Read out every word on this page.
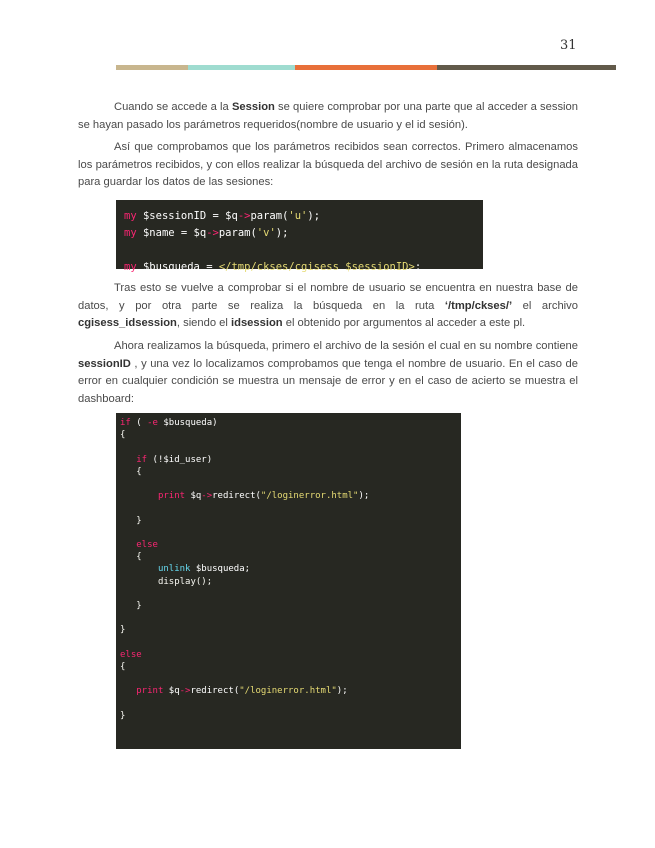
31

Cuando se accede a la Session se quiere comprobar por una parte que al acceder a session se hayan pasado los parámetros requeridos(nombre de usuario y el id sesión).

Así que comprobamos que los parámetros recibidos sean correctos. Primero almacenamos los parámetros recibidos, y con ellos realizar la búsqueda del archivo de sesión en la ruta designada para guardar los datos de las sesiones:

my $sessionID = $q->param('u');
my $name = $q->param('v');

my $busqueda = </tmp/ckses/cgisess $sessionID>;

Tras esto se vuelve a comprobar si el nombre de usuario se encuentra en nuestra base de datos, y por otra parte se realiza la búsqueda en la ruta ‘/tmp/ckses/’ el archivo cgisess_idsession, siendo el idsession el obtenido por argumentos al acceder a este pl.

Ahora realizamos la búsqueda, primero el archivo de la sesión el cual en su nombre contiene sessionID , y una vez lo localizamos comprobamos que tenga el nombre de usuario. En el caso de error en cualquier condición se muestra un mensaje de error y en el caso de acierto se muestra el dashboard:

if ( -e $busqueda)
{

if (!$id_user)
{

print $q->redirect("/loginerror.html");

}

else
{
unlink $busqueda;
display();

}

}

else
{

print $q->redirect("/loginerror.html");

}
